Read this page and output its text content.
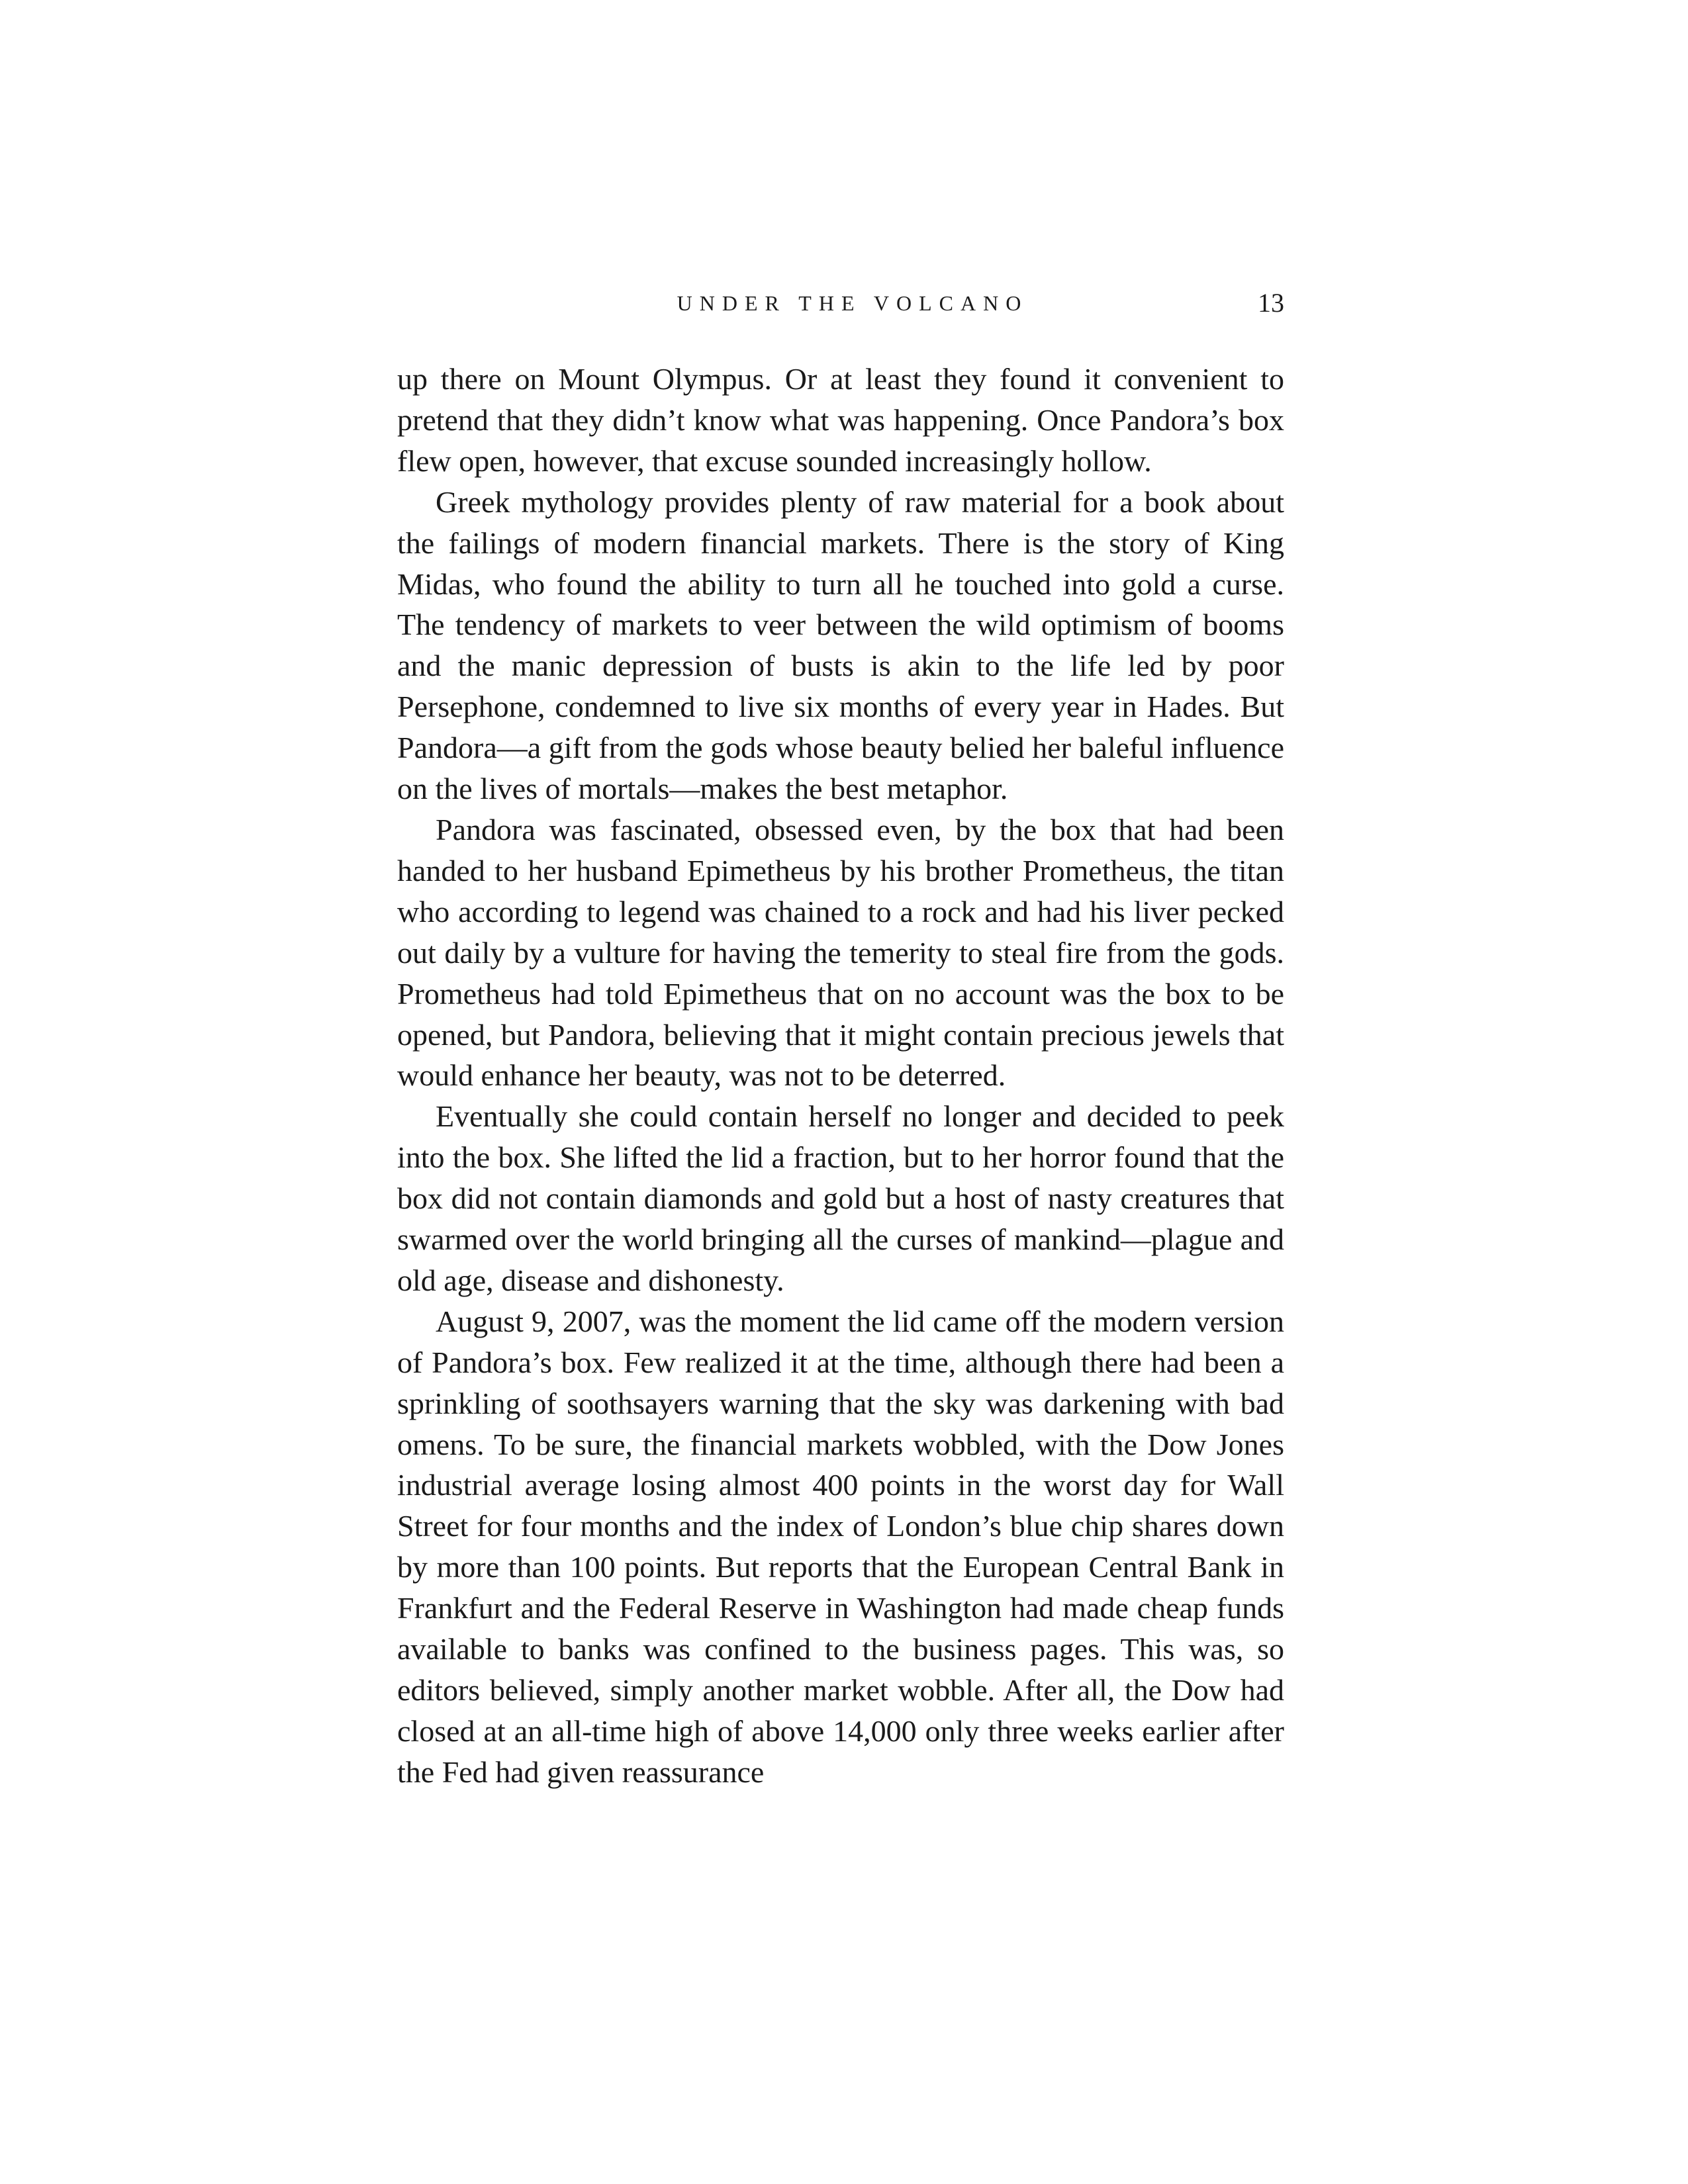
UNDER THE VOLCANO	13

up there on Mount Olympus. Or at least they found it convenient to pretend that they didn’t know what was happening. Once Pandora’s box flew open, however, that excuse sounded increasingly hollow.

Greek mythology provides plenty of raw material for a book about the failings of modern financial markets. There is the story of King Midas, who found the ability to turn all he touched into gold a curse. The tendency of markets to veer between the wild optimism of booms and the manic depression of busts is akin to the life led by poor Persephone, condemned to live six months of every year in Hades. But Pandora—a gift from the gods whose beauty belied her baleful influence on the lives of mortals—makes the best metaphor.

Pandora was fascinated, obsessed even, by the box that had been handed to her husband Epimetheus by his brother Prometheus, the titan who according to legend was chained to a rock and had his liver pecked out daily by a vulture for having the temerity to steal fire from the gods. Prometheus had told Epimetheus that on no account was the box to be opened, but Pandora, believing that it might contain precious jewels that would enhance her beauty, was not to be deterred.

Eventually she could contain herself no longer and decided to peek into the box. She lifted the lid a fraction, but to her horror found that the box did not contain diamonds and gold but a host of nasty creatures that swarmed over the world bringing all the curses of mankind—plague and old age, disease and dishonesty.

August 9, 2007, was the moment the lid came off the modern version of Pandora’s box. Few realized it at the time, although there had been a sprinkling of soothsayers warning that the sky was darkening with bad omens. To be sure, the financial markets wobbled, with the Dow Jones industrial average losing almost 400 points in the worst day for Wall Street for four months and the index of London’s blue chip shares down by more than 100 points. But reports that the European Central Bank in Frankfurt and the Federal Reserve in Washington had made cheap funds available to banks was confined to the business pages. This was, so editors believed, simply another market wobble. After all, the Dow had closed at an all-time high of above 14,000 only three weeks earlier after the Fed had given reassurance
